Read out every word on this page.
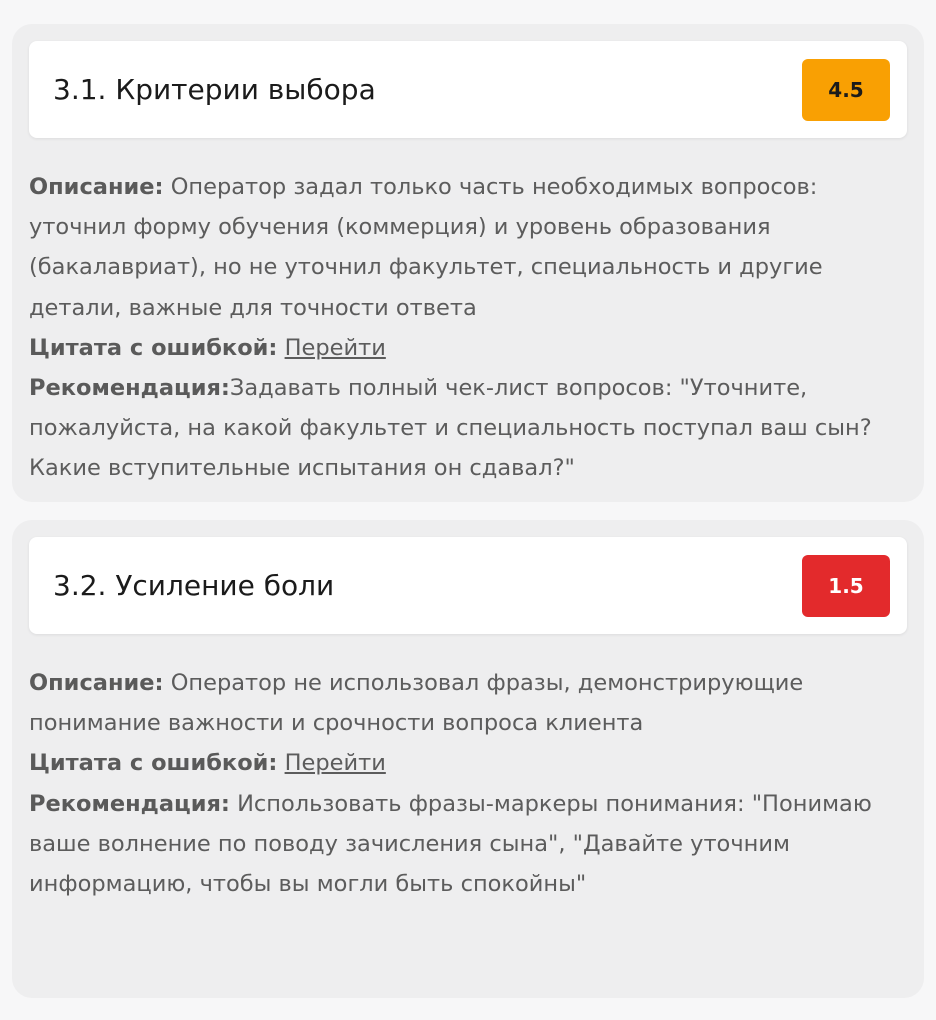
3.1. Критерии выбора	4.5

Описание: Оператор задал только часть необходимых вопросов: уточнил форму обучения (коммерция) и уровень образования (бакалавриат), но не уточнил факультет, специальность и другие детали, важные для точности ответа

Цитата с ошибкой: Перейти

Рекомендация:Задавать полный чек-лист вопросов: "Уточните, пожалуйста, на какой факультет и специальность поступал ваш сын? Какие вступительные испытания он сдавал?"

3.2. Усиление боли	1.5

Описание: Оператор не использовал фразы, демонстрирующие понимание важности и срочности вопроса клиента

Цитата с ошибкой: Перейти

Рекомендация: Использовать фразы-маркеры понимания: "Понимаю ваше волнение по поводу зачисления сына", "Давайте уточним информацию, чтобы вы могли быть спокойны"
